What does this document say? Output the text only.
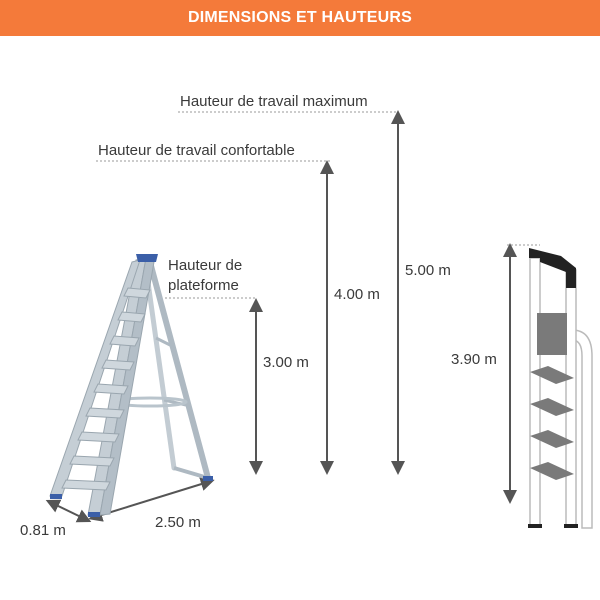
DIMENSIONS ET HAUTEURS
Hauteur de travail maximum
Hauteur de travail confortable
Hauteur de
plateforme
3.00 m
4.00 m
5.00 m
3.90 m
0.81 m	2.50 m
